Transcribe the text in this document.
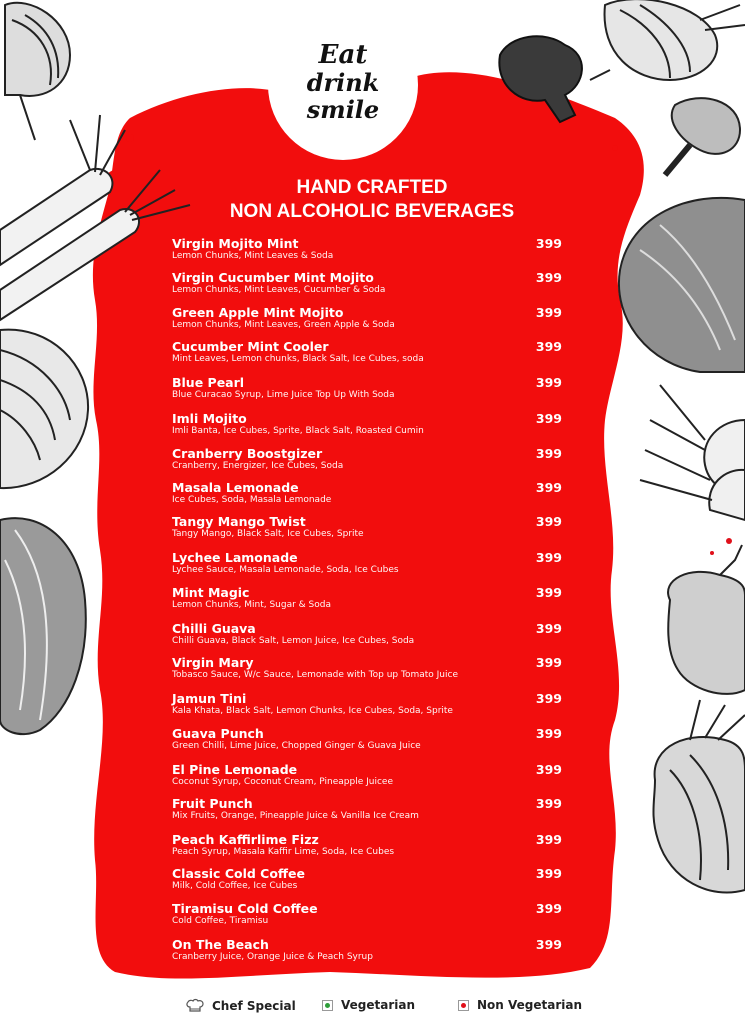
Eat
drink
smile
HAND CRAFTED
NON ALCOHOLIC BEVERAGES
Virgin Mojito Mint
Lemon Chunks, Mint Leaves & Soda
399
Virgin Cucumber Mint Mojito
Lemon Chunks, Mint Leaves, Cucumber & Soda
399
Green Apple Mint Mojito
Lemon Chunks, Mint Leaves, Green Apple & Soda
399
Cucumber Mint Cooler
Mint Leaves, Lemon chunks, Black Salt, Ice Cubes, soda
399
Blue Pearl
Blue Curacao Syrup, Lime Juice Top Up With Soda
399
Imli Mojito
Imli Banta, Ice Cubes, Sprite, Black Salt, Roasted Cumin
399
Cranberry Boostgizer
Cranberry, Energizer, Ice Cubes, Soda
399
Masala Lemonade
Ice Cubes, Soda, Masala Lemonade
399
Tangy Mango Twist
Tangy Mango, Black Salt, Ice Cubes, Sprite
399
Lychee Lamonade
Lychee Sauce, Masala Lemonade, Soda, Ice Cubes
399
Mint Magic
Lemon Chunks, Mint, Sugar & Soda
399
Chilli Guava
Chilli Guava, Black Salt, Lemon Juice, Ice Cubes, Soda
399
Virgin Mary
Tobasco Sauce, W/c Sauce, Lemonade with Top up Tomato Juice
399
Jamun Tini
Kala Khata, Black Salt, Lemon Chunks, Ice Cubes, Soda, Sprite
399
Guava Punch
Green Chilli, Lime Juice, Chopped Ginger & Guava Juice
399
El Pine Lemonade
Coconut Syrup, Coconut Cream, Pineapple Juicee
399
Fruit Punch
Mix Fruits, Orange, Pineapple Juice & Vanilla Ice Cream
399
Peach Kaffirlime Fizz
Peach Syrup, Masala Kaffir Lime, Soda, Ice Cubes
399
Classic Cold Coffee
Milk, Cold Coffee, Ice Cubes
399
Tiramisu Cold Coffee
Cold Coffee, Tiramisu
399
On The Beach
Cranberry Juice, Orange Juice & Peach Syrup
399
Chef Special	Vegetarian	Non Vegetarian
